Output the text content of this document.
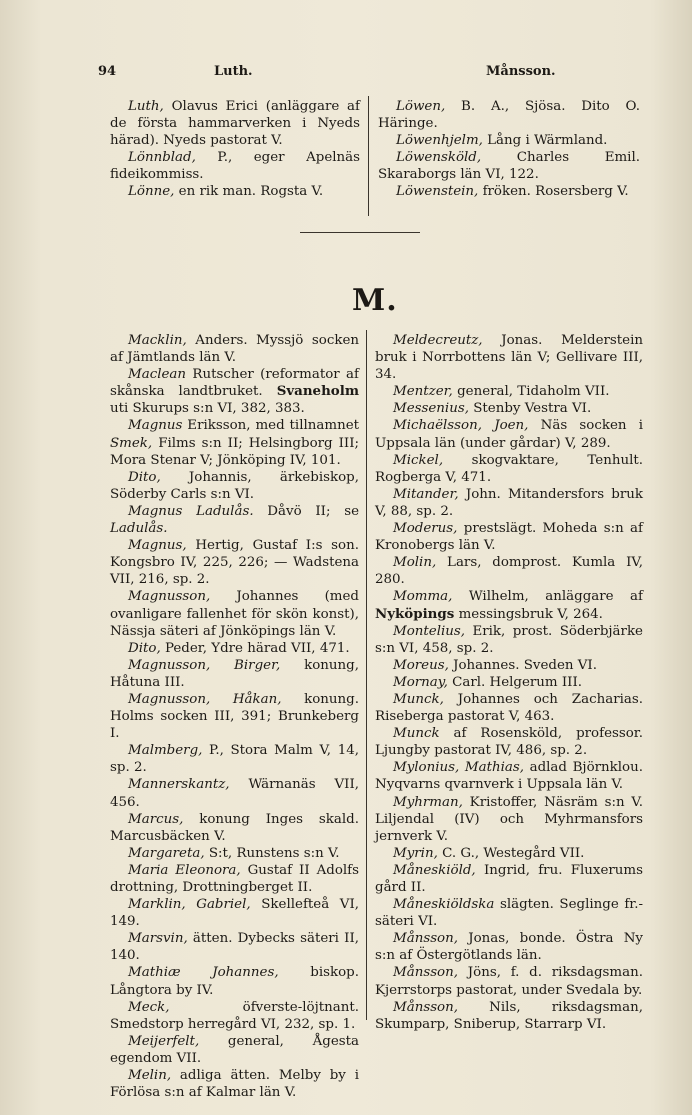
94	Luth.	Månsson.

Luth, Olavus Erici (anläggare af de första hammarverken i Nyeds härad). Nyeds pastorat V.

Lönnblad, P., eger Apelnäs fideikommiss.

Lönne, en rik man. Rogsta V.

Löwen, B. A., Sjösa. Dito O. Häringe.

Löwenhjelm, Lång i Wärmland.

Löwensköld, Charles Emil. Skaraborgs län VI, 122.

Löwenstein, fröken. Rosersberg V.

M.

Macklin, Anders. Myssjö socken af Jämtlands län V.

Maclean Rutscher (reformator af skånska landtbruket. Svaneholm uti Skurups s:n VI, 382, 383.

Magnus Eriksson, med tillnamnet Smek, Films s:n II; Helsingborg III; Mora Stenar V; Jönköping IV, 101.

Dito, Johannis, ärkebiskop, Söderby Carls s:n VI.

Magnus Ladulås. Dåvö II; se Ladulås.

Magnus, Hertig, Gustaf I:s son. Kongsbro IV, 225, 226; — Wadstena VII, 216, sp. 2.

Magnusson, Johannes (med ovanligare fallenhet för skön konst), Nässja säteri af Jönköpings län V.

Dito, Peder, Ydre härad VII, 471.

Magnusson, Birger, konung, Håtuna III.

Magnusson, Håkan, konung. Holms socken III, 391; Brunkeberg I.

Malmberg, P., Stora Malm V, 14, sp. 2.

Mannerskantz, Wärnanäs VII, 456.

Marcus, konung Inges skald. Marcusbäcken V.

Margareta, S:t, Runstens s:n V.

Maria Eleonora, Gustaf II Adolfs drottning, Drottningberget II.

Marklin, Gabriel, Skellefteå VI, 149.

Marsvin, ätten. Dybecks säteri II, 140.

Mathiæ Johannes, biskop. Långtora by IV.

Meck, öfverste-löjtnant. Smedstorp herregård VI, 232, sp. 1.

Meijerfelt, general, Ågesta egendom VII.

Melin, adliga ätten. Melby by i Förlösa s:n af Kalmar län V.

Meldecreutz, Jonas. Melderstein bruk i Norrbottens län V; Gellivare III, 34.

Mentzer, general, Tidaholm VII.

Messenius, Stenby Vestra VI.

Michaëlsson, Joen, Näs socken i Uppsala län (under gårdar) V, 289.

Mickel, skogvaktare, Tenhult. Rogberga V, 471.

Mitander, John. Mitandersfors bruk V, 88, sp. 2.

Moderus, prestslägt. Moheda s:n af Kronobergs län V.

Molin, Lars, domprost. Kumla IV, 280.

Momma, Wilhelm, anläggare af Nyköpings messingsbruk V, 264.

Montelius, Erik, prost. Söderbjärke s:n VI, 458, sp. 2.

Moreus, Johannes. Sveden VI.

Mornay, Carl. Helgerum III.

Munck, Johannes och Zacharias. Riseberga pastorat V, 463.

Munck af Rosensköld, professor. Ljungby pastorat IV, 486, sp. 2.

Mylonius, Mathias, adlad Björnklou. Nyqvarns qvarnverk i Uppsala län V.

Myhrman, Kristoffer, Näsräm s:n V. Liljendal (IV) och Myhrmansfors jernverk V.

Myrin, C. G., Westegård VII.

Måneskiöld, Ingrid, fru. Fluxerums gård II.

Måneskiöldska slägten. Seglinge fr.-säteri VI.

Månsson, Jonas, bonde. Östra Ny s:n af Östergötlands län.

Månsson, Jöns, f. d. riksdagsman. Kjerrstorps pastorat, under Svedala by.

Månsson, Nils, riksdagsman, Skumparp, Sniberup, Starrarp VI.
